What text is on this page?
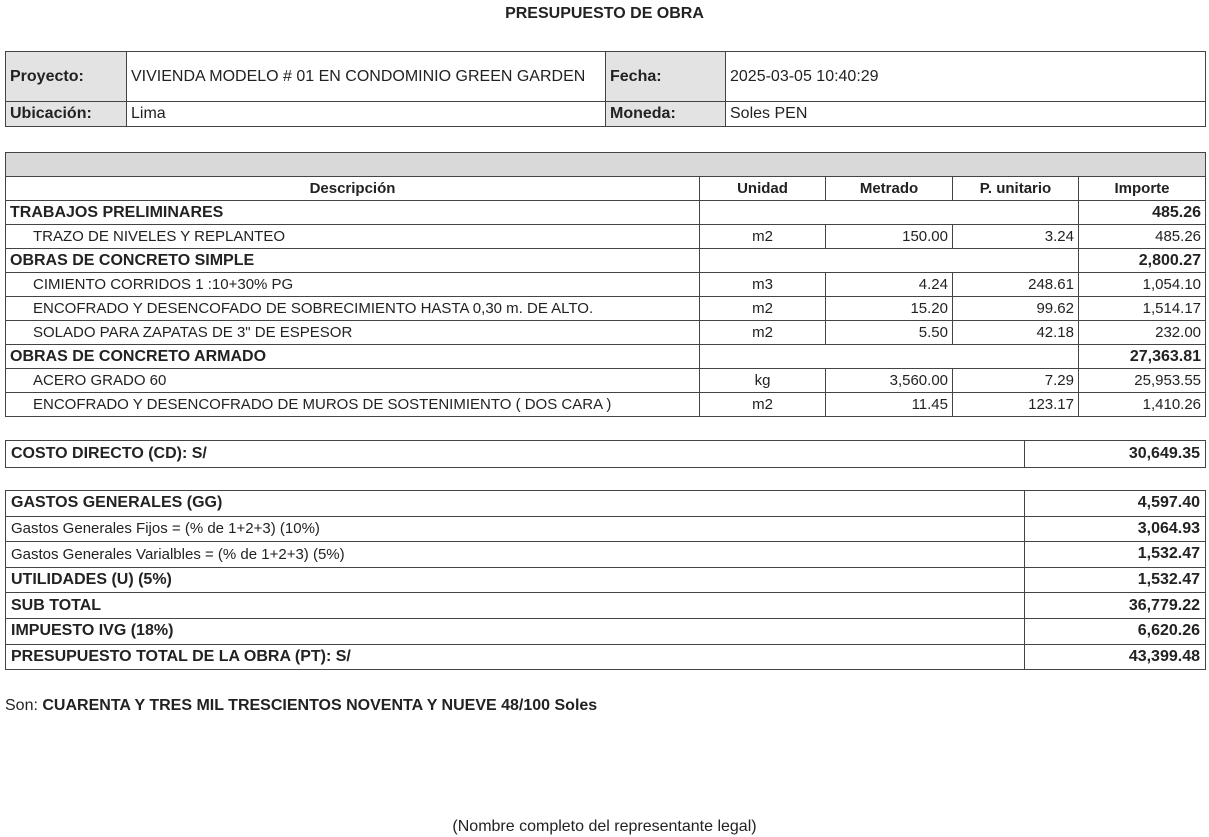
PRESUPUESTO DE OBRA
Proyecto:	VIVIENDA MODELO # 01 EN CONDOMINIO GREEN GARDEN	Fecha:	2025-03-05 10:40:29
Ubicación:	Lima	Moneda:	Soles PEN

Descripción	Unidad	Metrado	P. unitario	Importe
TRABAJOS PRELIMINARES				485.26
TRAZO DE NIVELES Y REPLANTEO	m2	150.00	3.24	485.26
OBRAS DE CONCRETO SIMPLE				2,800.27
CIMIENTO CORRIDOS 1 :10+30% PG	m3	4.24	248.61	1,054.10
ENCOFRADO Y DESENCOFADO DE SOBRECIMIENTO HASTA 0,30 m. DE ALTO.	m2	15.20	99.62	1,514.17
SOLADO PARA ZAPATAS DE 3" DE ESPESOR	m2	5.50	42.18	232.00
OBRAS DE CONCRETO ARMADO				27,363.81
ACERO GRADO 60	kg	3,560.00	7.29	25,953.55
ENCOFRADO Y DESENCOFRADO DE MUROS DE SOSTENIMIENTO ( DOS CARA )	m2	11.45	123.17	1,410.26
COSTO DIRECTO (CD): S/	30,649.35
GASTOS GENERALES (GG)	4,597.40
Gastos Generales Fijos = (% de 1+2+3) (10%)	3,064.93
Gastos Generales Varialbles = (% de 1+2+3) (5%)	1,532.47
UTILIDADES (U) (5%)	1,532.47
SUB TOTAL	36,779.22
IMPUESTO IVG (18%)	6,620.26
PRESUPUESTO TOTAL DE LA OBRA (PT): S/	43,399.48
Son: CUARENTA Y TRES MIL TRESCIENTOS NOVENTA Y NUEVE 48/100 Soles
(Nombre completo del representante legal)
